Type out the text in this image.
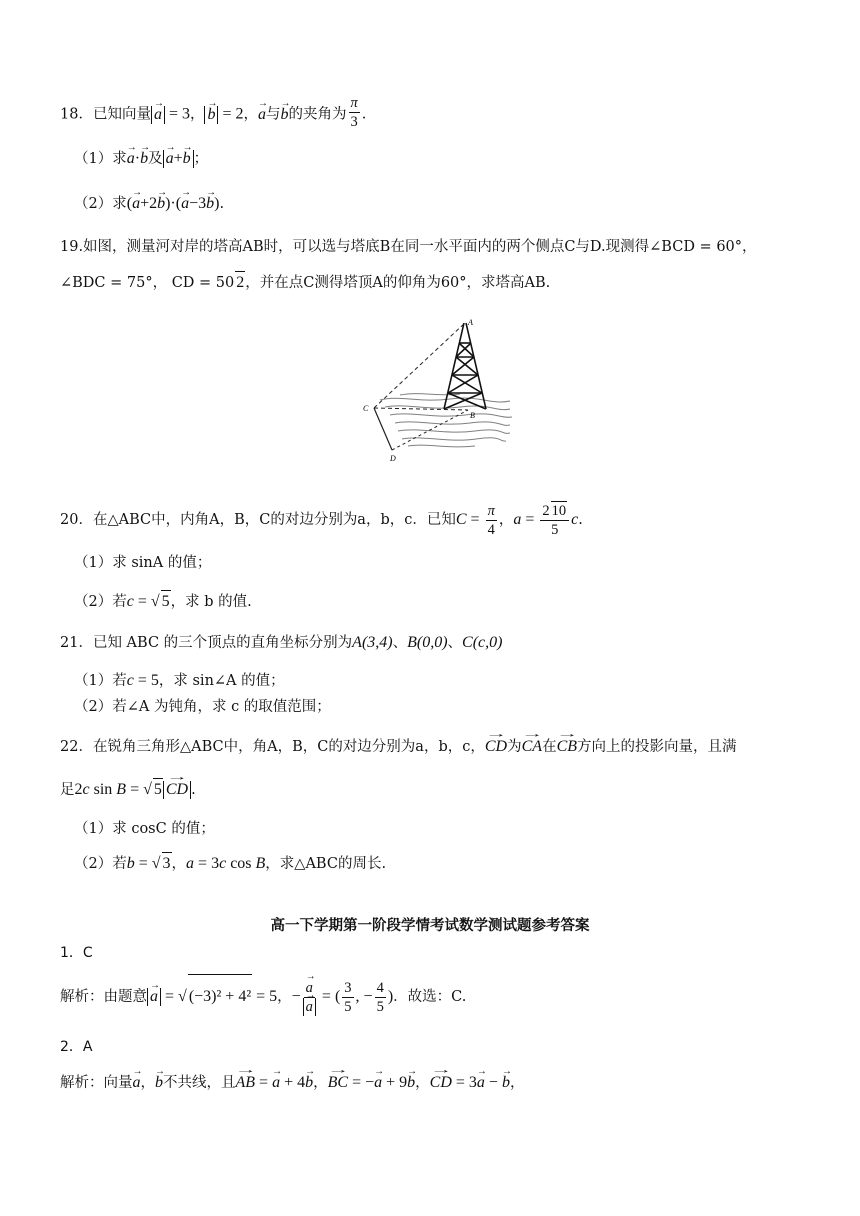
18．已知向量 → a = 3， → b = 2，→ a与→ b的夹角为 $\frac{\pi}{3}$ .
（1）求→ a·→ b及 → a+→ b ；
（2）求(→ a+2→ b)·(→ a−3→ b).
19.如图，测量河对岸的塔高AB时，可以选与塔底B在同一水平面内的两个侧点C与D.现测得∠BCD = 60°，
∠BDC = 75°， CD = 50 2，并在点C测得塔顶A的仰角为60°，求塔高AB.
A
B
C
D
20．在△ABC中，内角A，B，C的对边分别为a，b，c．已知$C = \frac{\pi}{4}$ ，$a = \frac{2 10}{5} c$.
（1）求 sinA 的值；
（2）若c = √ 5，求 b 的值.
21．已知 ABC 的三个顶点的直角坐标分别为A(3,4)、B(0,0)、C(c,0)
（1）若c = 5，求 sin∠A 的值；
（2）若∠A 为钝角，求 c 的取值范围；
22．在锐角三角形△ABC中，角A，B，C的对边分别为a，b，c，→ CD为→ CA在→ CB方向上的投影向量，且满
足2c sin B = √ 5 → CD .
（1）求 cosC 的值；
（2）若b = √ 3，a = 3c cos B，求△ABC的周长.
高一下学期第一阶段学情考试数学测试题参考答案
1．C
解析：由题意 → a = √ (−3)² + 4² = 5，− → a
→ a = ( $\frac{3}{5}$ , − $\frac{4}{5}$ )．故选：C.
2．A
解析：向量→ a，→ b不共线，且→ AB = → a + 4→ b，→ BC = −→ a + 9→ b，→ CD = 3→ a − → b，
